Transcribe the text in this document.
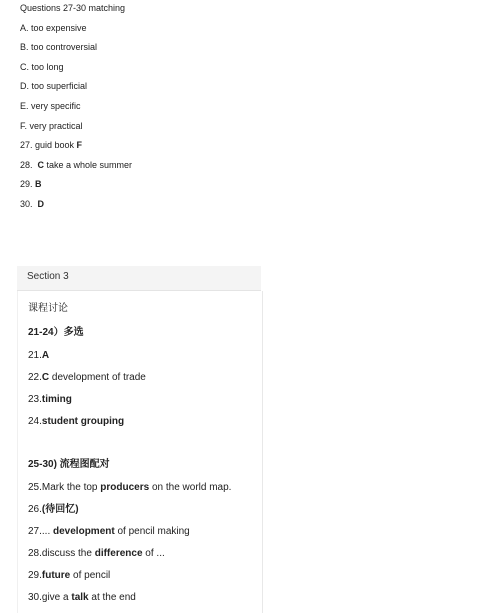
Questions 27-30 matching
A. too expensive
B. too controversial
C. too long
D. too superficial
E. very specific
F. very practical
27. guid book F
28.  C take a whole summer
29. B
30.  D
Section 3
课程讨论
21-24）多选
21.A
22.C development of trade
23.timing
24.student grouping
25-30) 流程图配对
25.Mark the top producers on the world map.
26.(待回忆)
27.... development of pencil making
28.discuss the difference of ...
29.future of pencil
30.give a talk at the end
